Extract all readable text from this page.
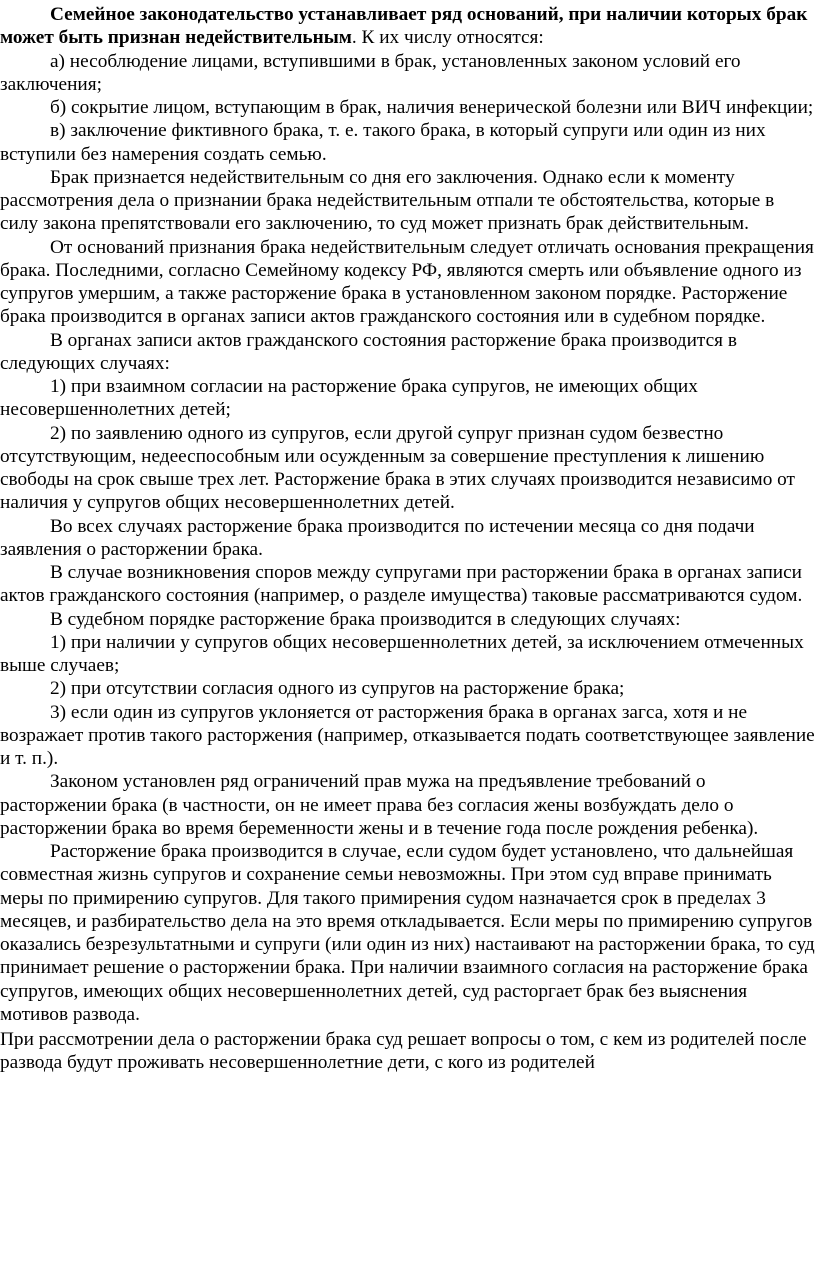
Семейное законодательство устанавливает ряд оснований, при наличии которых брак может быть признан недействительным. К их числу относятся:

а) несоблюдение лицами, вступившими в брак, установленных законом условий его заключения;

б) сокрытие лицом, вступающим в брак, наличия венерической болезни или ВИЧ инфекции;

в) заключение фиктивного брака, т. е. такого брака, в который супруги или один из них вступили без намерения создать семью.

Брак признается недействительным со дня его заключения. Однако если к моменту рассмотрения дела о признании брака недействительным отпали те обстоятельства, которые в силу закона препятствовали его заключению, то суд может признать брак действительным.

От оснований признания брака недействительным следует отличать основания прекращения брака. Последними, согласно Семейному кодексу РФ, являются смерть или объявление одного из супругов умершим, а также расторжение брака в установленном законом порядке. Расторжение брака производится в органах записи актов гражданского состояния или в судебном порядке.

В органах записи актов гражданского состояния расторжение брака производится в следующих случаях:

1) при взаимном согласии на расторжение брака супругов, не имеющих общих несовершеннолетних детей;

2) по заявлению одного из супругов, если другой супруг признан судом безвестно отсутствующим, недееспособным или осужденным за совершение преступления к лишению свободы на срок свыше трех лет. Расторжение брака в этих случаях производится независимо от наличия у супругов общих несовершеннолетних детей.

Во всех случаях расторжение брака производится по истечении месяца со дня подачи заявления о расторжении брака.

В случае возникновения споров между супругами при расторжении брака в органах записи актов гражданского состояния (например, о разделе имущества) таковые рассматриваются судом.

В судебном порядке расторжение брака производится в следующих случаях:

1) при наличии у супругов общих несовершеннолетних детей, за исключением отмеченных выше случаев;

2) при отсутствии согласия одного из супругов на расторжение брака;

3) если один из супругов уклоняется от расторжения брака в органах загса, хотя и не возражает против такого расторжения (например, отказывается подать соответствующее заявление и т. п.).

Законом установлен ряд ограничений прав мужа на предъявление требований о расторжении брака (в частности, он не имеет права без согласия жены возбуждать дело о расторжении брака во время беременности жены и в течение года после рождения ребенка).

Расторжение брака производится в случае, если судом будет установлено, что дальнейшая совместная жизнь супругов и сохранение семьи невозможны. При этом суд вправе принимать меры по примирению супругов. Для такого примирения судом назначается срок в пределах 3 месяцев, и разбирательство дела на это время откладывается. Если меры по примирению супругов оказались безрезультатными и супруги (или один из них) настаивают на расторжении брака, то суд принимает решение о расторжении брака. При наличии взаимного согласия на расторжение брака супругов, имеющих общих несовершеннолетних детей, суд расторгает брак без выяснения мотивов развода.

При рассмотрении дела о расторжении брака суд решает вопросы о том, с кем из родителей после развода будут проживать несовершеннолетние дети, с кого из родителей
